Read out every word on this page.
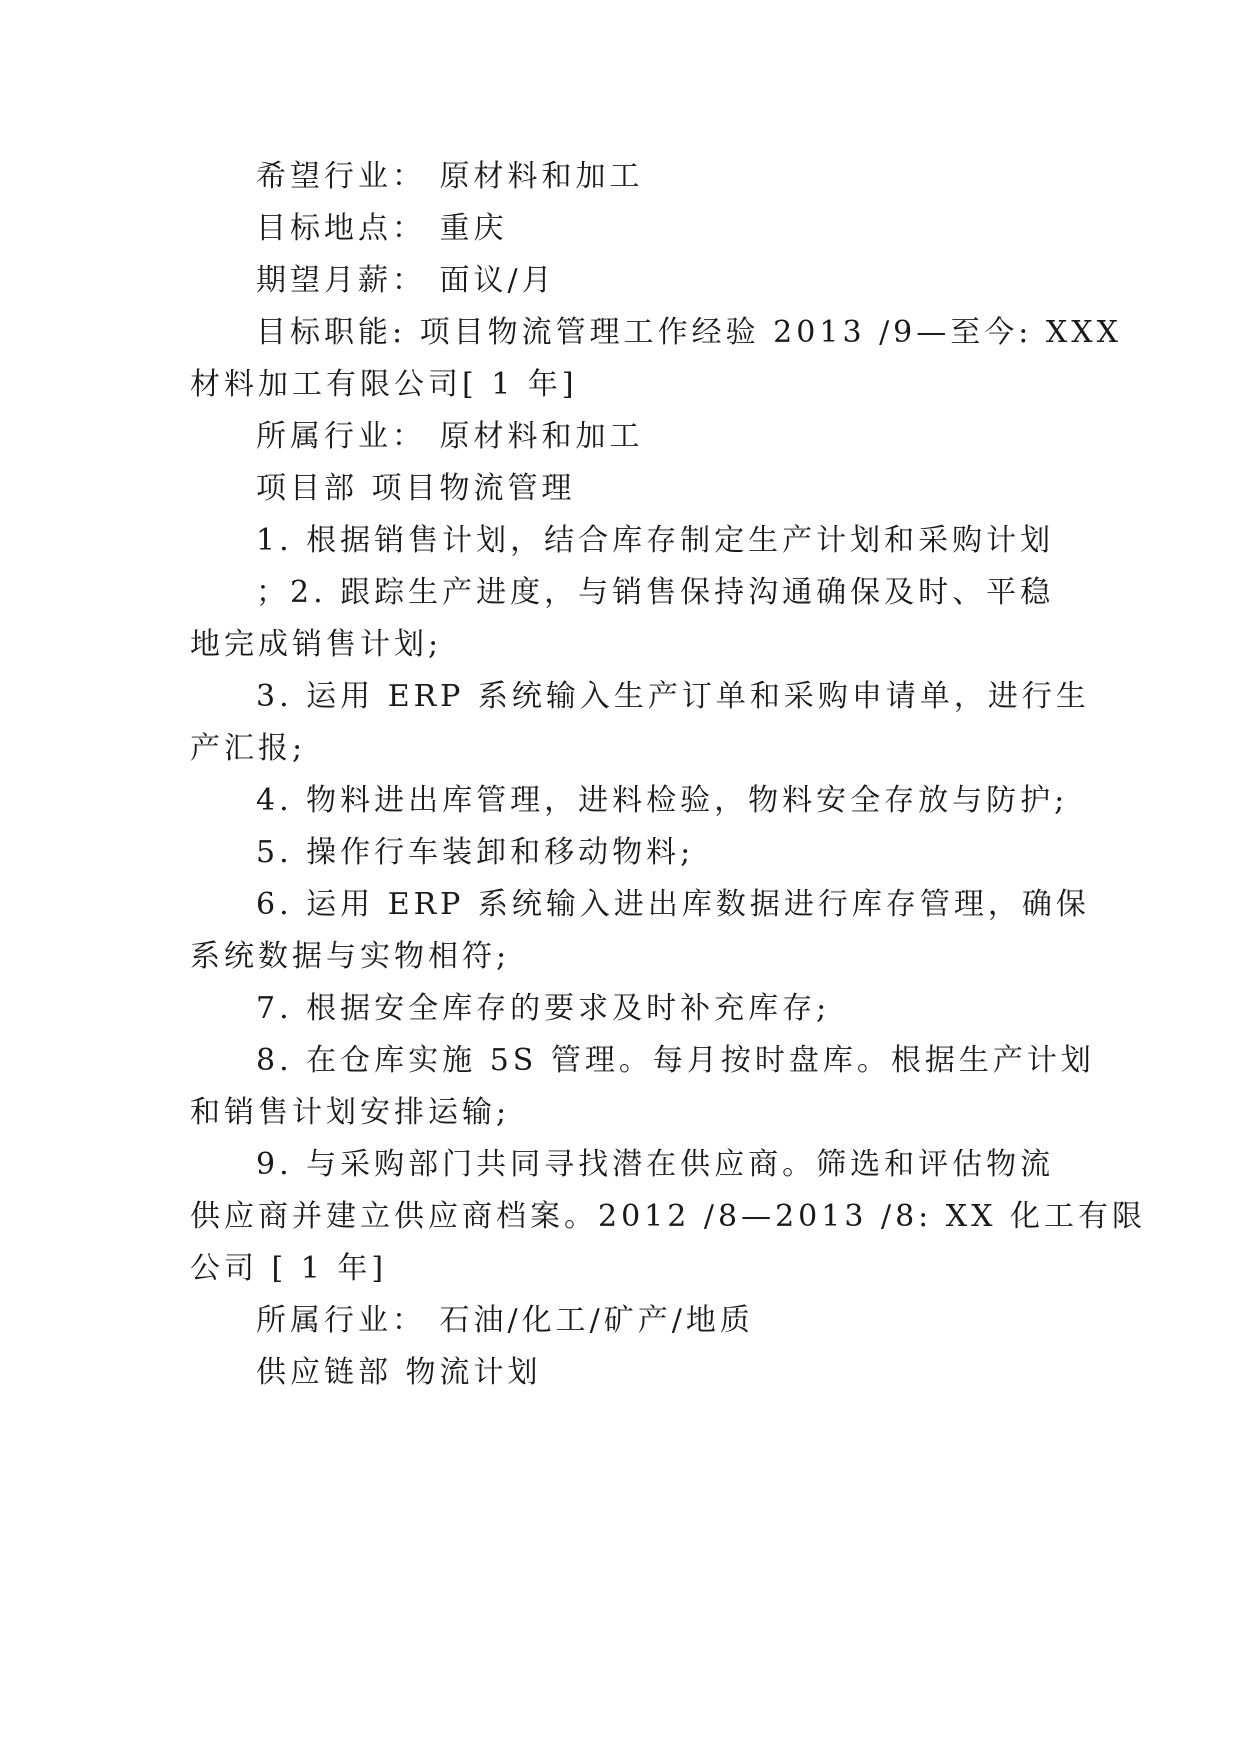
希望行业： 原材料和加工
目标地点： 重庆
期望月薪： 面议/月
目标职能: 项目物流管理工作经验 2013 /9—至今: XXX
材料加工有限公司[ 1 年]
所属行业： 原材料和加工
项目部 项目物流管理
1. 根据销售计划，结合库存制定生产计划和采购计划
；2. 跟踪生产进度，与销售保持沟通确保及时、平稳
地完成销售计划;
3. 运用 ERP 系统输入生产订单和采购申请单，进行生
产汇报;
4. 物料进出库管理，进料检验，物料安全存放与防护;
5. 操作行车装卸和移动物料;
6. 运用 ERP 系统输入进出库数据进行库存管理，确保
系统数据与实物相符;
7. 根据安全库存的要求及时补充库存;
8. 在仓库实施 5S 管理。每月按时盘库。根据生产计划
和销售计划安排运输;
9. 与采购部门共同寻找潜在供应商。筛选和评估物流
供应商并建立供应商档案。2012 /8—2013 /8: XX 化工有限
公司 [ 1 年]
所属行业： 石油/化工/矿产/地质
供应链部 物流计划
